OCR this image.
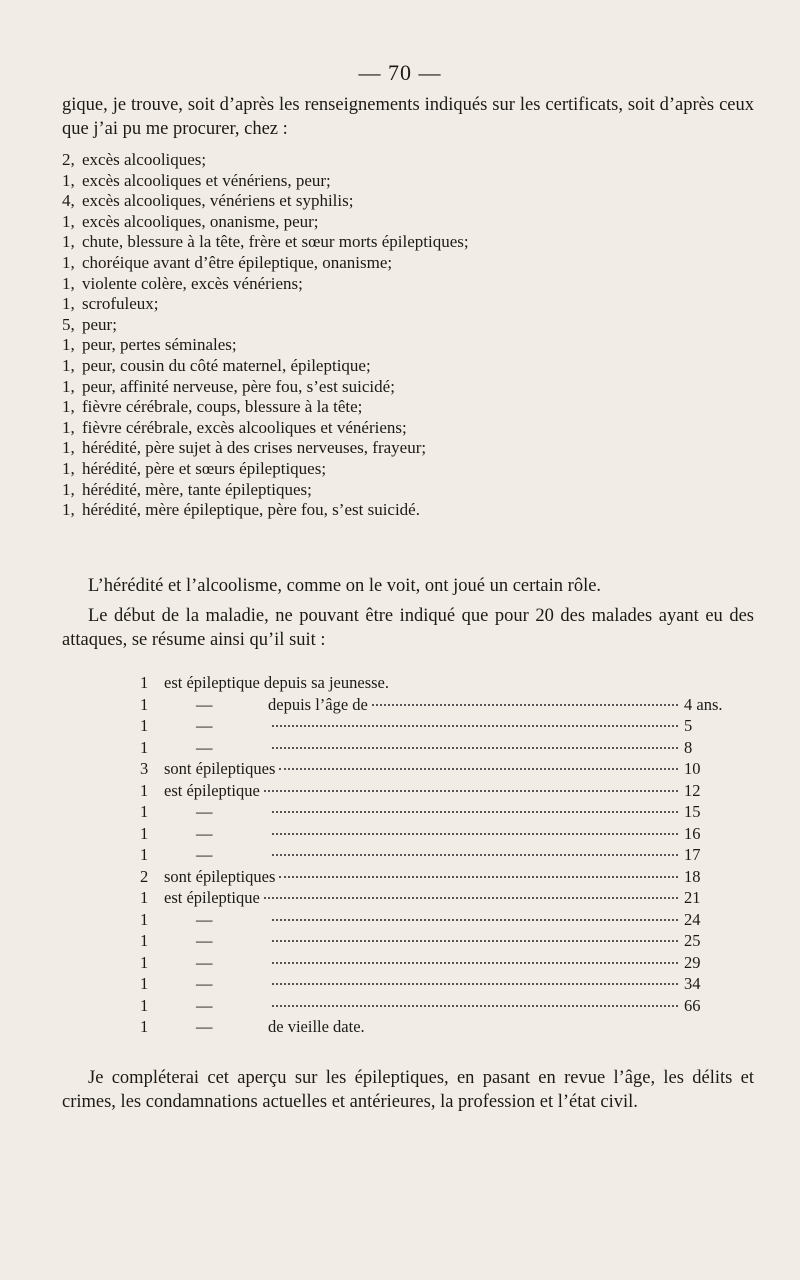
— 70 —
gique, je trouve, soit d’après les renseignements indiqués sur les certificats, soit d’après ceux que j’ai pu me procurer, chez :
2, excès alcooliques;
1, excès alcooliques et vénériens, peur;
4, excès alcooliques, vénériens et syphilis;
1, excès alcooliques, onanisme, peur;
1, chute, blessure à la tête, frère et sœur morts épileptiques;
1, choréique avant d’être épileptique, onanisme;
1, violente colère, excès vénériens;
1, scrofuleux;
5, peur;
1, peur, pertes séminales;
1, peur, cousin du côté maternel, épileptique;
1, peur, affinité nerveuse, père fou, s’est suicidé;
1, fièvre cérébrale, coups, blessure à la tête;
1, fièvre cérébrale, excès alcooliques et vénériens;
1, hérédité, père sujet à des crises nerveuses, frayeur;
1, hérédité, père et sœurs épileptiques;
1, hérédité, mère, tante épileptiques;
1, hérédité, mère épileptique, père fou, s’est suicidé.
L’hérédité et l’alcoolisme, comme on le voit, ont joué un certain rôle.
Le début de la maladie, ne pouvant être indiqué que pour 20 des malades ayant eu des attaques, se résume ainsi qu’il suit :
1 est épileptique depuis sa jeunesse.
1	—	depuis l’âge de	4 ans.
1	—	5
1	—	8
3 sont épileptiques	10
1 est épileptique	12
1	—	15
1	—	16
1	—	17
2 sont épileptiques	18
1 est épileptique	21
1	—	24
1	—	25
1	—	29
1	—	34
1	—	66
1	—	de vieille date.
Je compléterai cet aperçu sur les épileptiques, en pasant en revue l’âge, les délits et crimes, les condamnations actuelles et antérieures, la profession et l’état civil.
